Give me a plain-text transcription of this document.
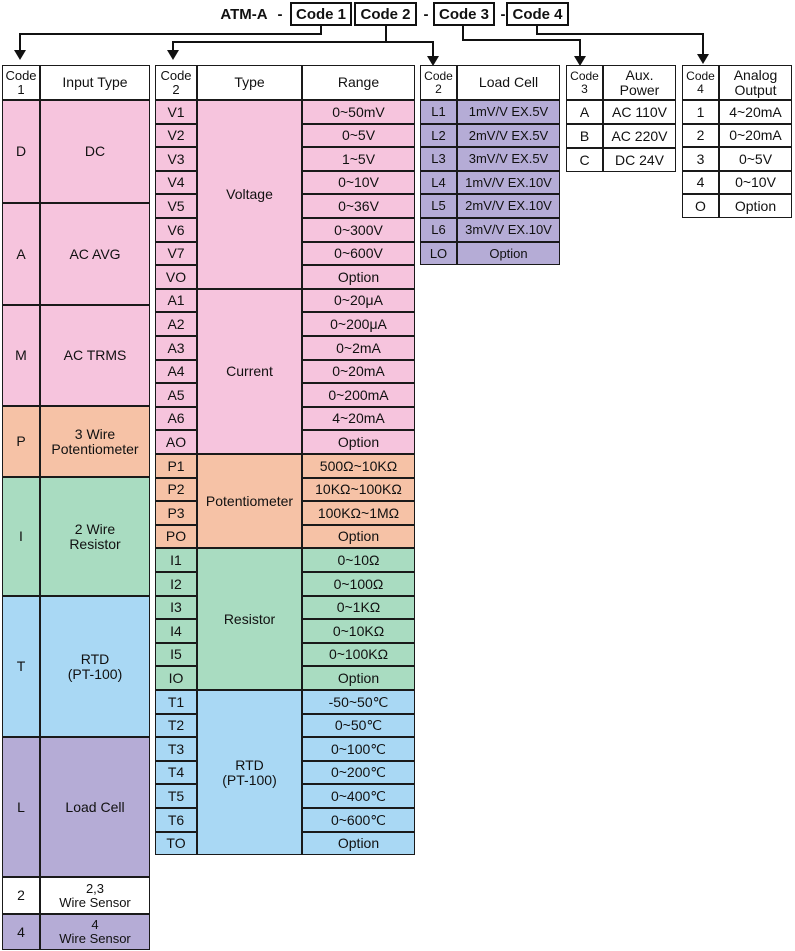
ATM-A - Code 1 Code 2 - Code 3 - Code 4
Code
1	Input Type
D	DC
A	AC AVG
M	AC TRMS
P	3 Wire
Potentiometer
I	2 Wire
Resistor
T	RTD
(PT-100)
L	Load Cell
2	2,3
Wire Sensor
4	4
Wire Sensor
Code
2	Type	Range
V1	0~50mV
V2	0~5V
V3	1~5V
V4	0~10V
V5	0~36V
V6	0~300V
V7	0~600V
VO	Option
Voltage
A1	0~20μA
A2	0~200μA
A3	0~2mA
A4	0~20mA
A5	0~200mA
A6	4~20mA
AO	Option
Current
P1	500Ω~10KΩ
P2	10KΩ~100KΩ
P3	100KΩ~1MΩ
PO	Option
Potentiometer
I1	0~10Ω
I2	0~100Ω
I3	0~1KΩ
I4	0~10KΩ
I5	0~100KΩ
IO	Option
Resistor
T1	-50~50℃
T2	0~50℃
T3	0~100℃
T4	0~200℃
T5	0~400℃
T6	0~600℃
TO	Option
RTD
(PT-100)
Code
2	Load Cell
L1	1mV/V EX.5V
L2	2mV/V EX.5V
L3	3mV/V EX.5V
L4	1mV/V EX.10V
L5	2mV/V EX.10V
L6	3mV/V EX.10V
LO	Option
Code
3
Aux.
Power
A	AC 110V
B	AC 220V
C	DC 24V
Code
4
Analog
Output
1	4~20mA
2	0~20mA
3	0~5V
4	0~10V
O	Option
